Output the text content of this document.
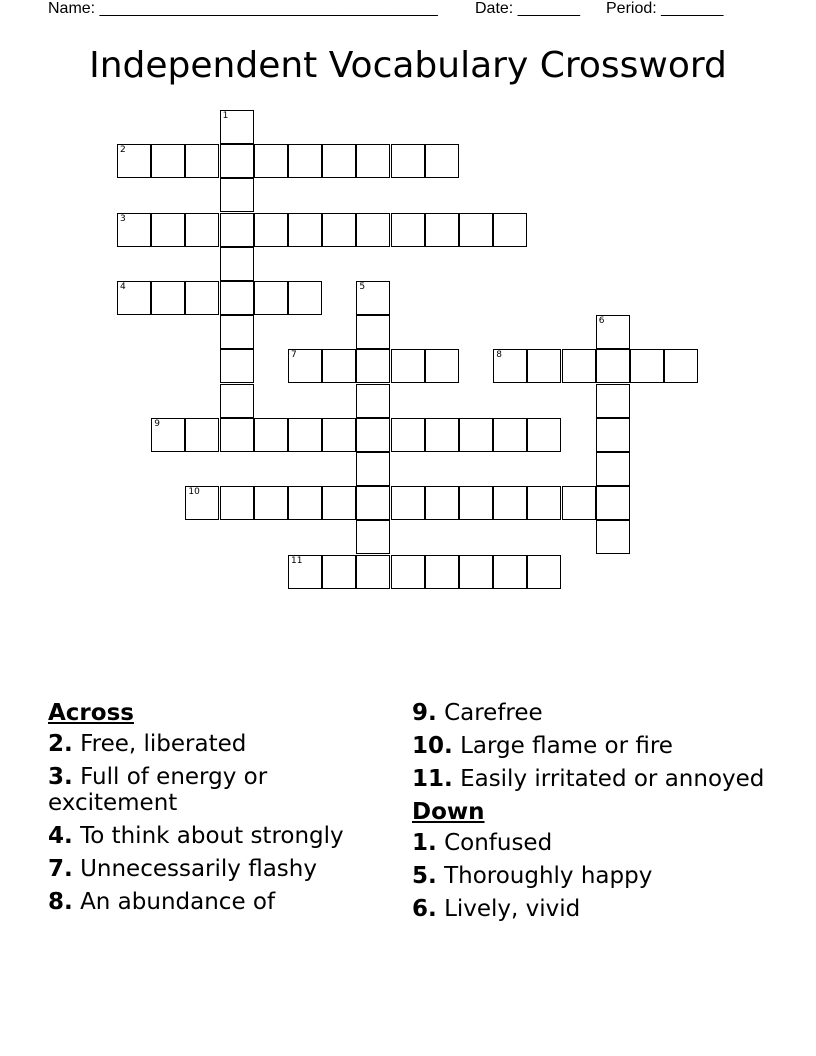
Name: ______________________________________ Date: _______ Period: _______
Independent Vocabulary Crossword
1
2
3
4	5
6
7	8
9
10
11
Across
2. Free, liberated
3. Full of energy or excitement
4. To think about strongly
7. Unnecessarily flashy
8. An abundance of
9. Carefree
10. Large flame or fire
11. Easily irritated or annoyed
Down
1. Confused
5. Thoroughly happy
6. Lively, vivid
